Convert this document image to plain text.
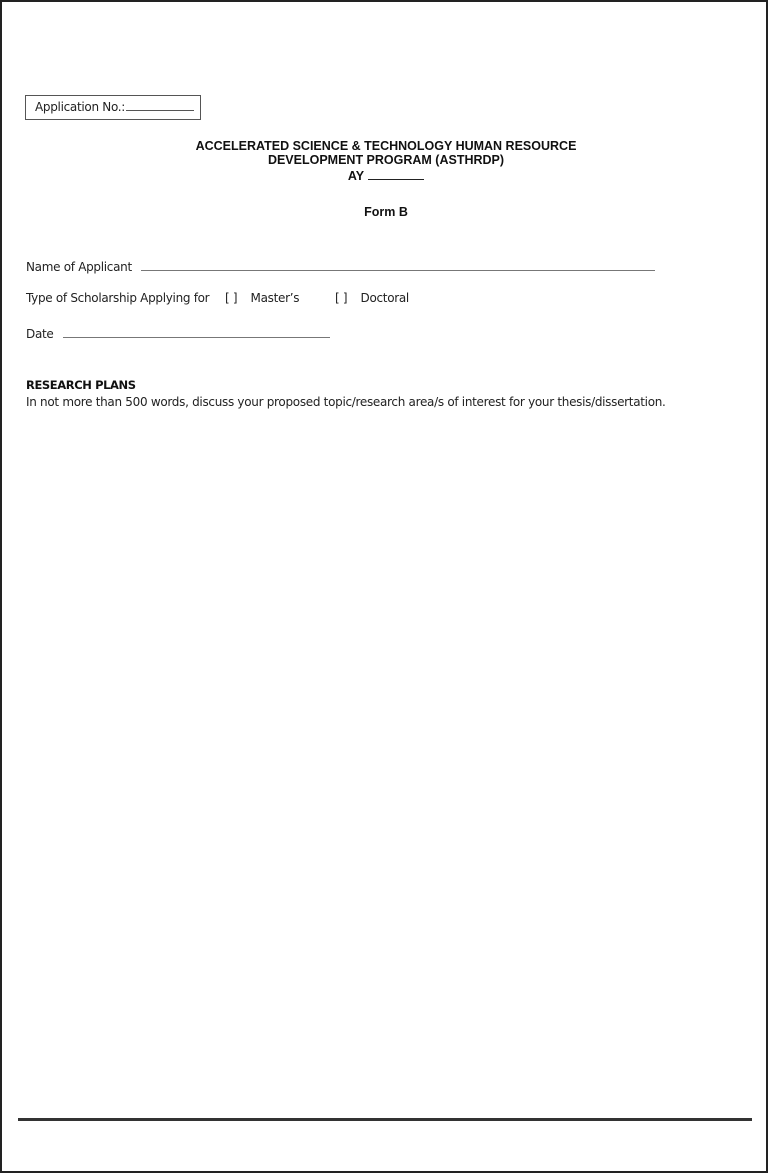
Application No.:
ACCELERATED SCIENCE & TECHNOLOGY HUMAN RESOURCE
DEVELOPMENT PROGRAM (ASTHRDP)
AY
Form B
Name of Applicant
Type of Scholarship Applying for [ ] Master’s	[ ] Doctoral
Date
RESEARCH PLANS
In not more than 500 words, discuss your proposed topic/research area/s of interest for your thesis/dissertation.
